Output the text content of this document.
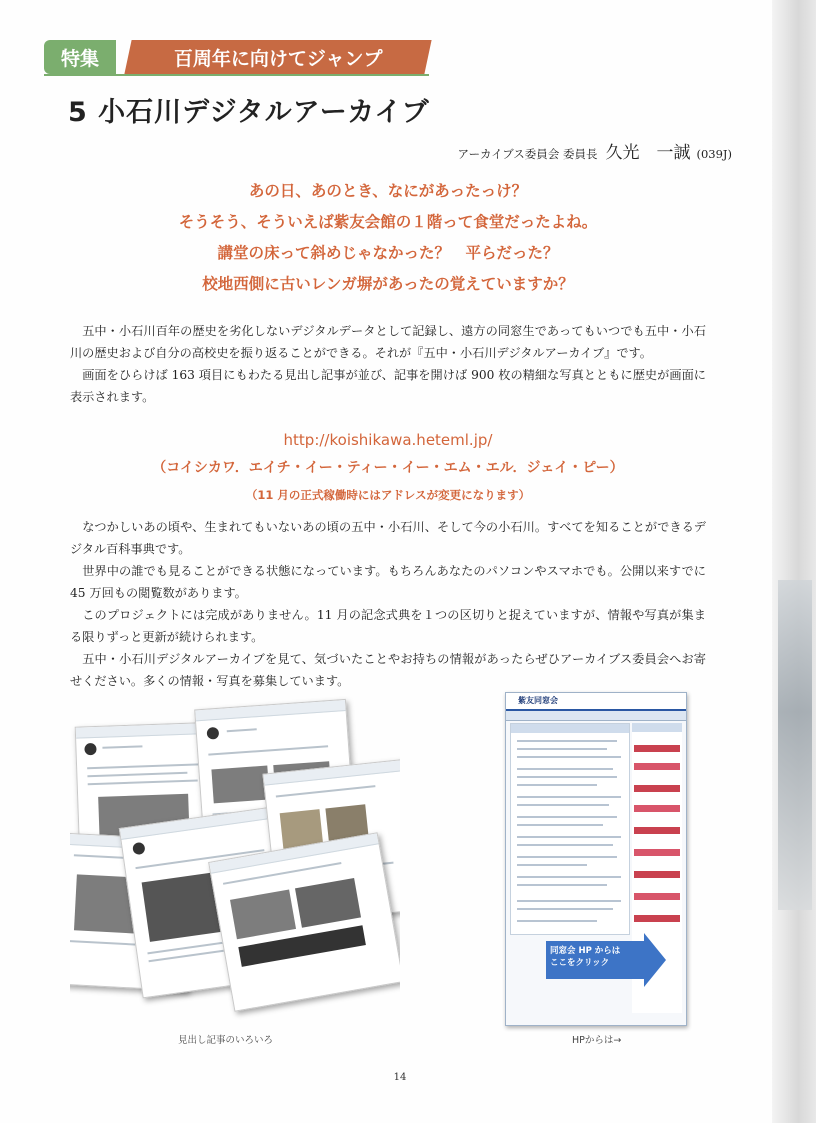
特集	百周年に向けてジャンプ
5 小石川デジタルアーカイブ
アーカイブス委員会 委員長 久光　一誠 (039J)
あの日、あのとき、なにがあったっけ？
そうそう、そういえば紫友会館の１階って食堂だったよね。
講堂の床って斜めじゃなかった？　平らだった？
校地西側に古いレンガ塀があったの覚えていますか？

五中・小石川百年の歴史を劣化しないデジタルデータとして記録し、遠方の同窓生であってもいつでも五中・小石川の歴史および自分の高校史を振り返ることができる。それが『五中・小石川デジタルアーカイブ』です。

画面をひらけば 163 項目にもわたる見出し記事が並び、記事を開けば 900 枚の精細な写真とともに歴史が画面に表示されます。

http://koishikawa.heteml.jp/
（コイシカワ．エイチ・イー・ティー・イー・エム・エル．ジェイ・ピー）
（11 月の正式稼働時にはアドレスが変更になります）

なつかしいあの頃や、生まれてもいないあの頃の五中・小石川、そして今の小石川。すべてを知ることができるデジタル百科事典です。

世界中の誰でも見ることができる状態になっています。もちろんあなたのパソコンやスマホでも。公開以来すでに 45 万回もの閲覧数があります。

このプロジェクトには完成がありません。11 月の記念式典を１つの区切りと捉えていますが、情報や写真が集まる限りずっと更新が続けられます。

五中・小石川デジタルアーカイブを見て、気づいたことやお持ちの情報があったらぜひアーカイブス委員会へお寄せください。多くの情報・写真を募集しています。

見出し記事のいろいろ
紫友同窓会
同窓会 HP からは
ここをクリック
HPからは→
14
